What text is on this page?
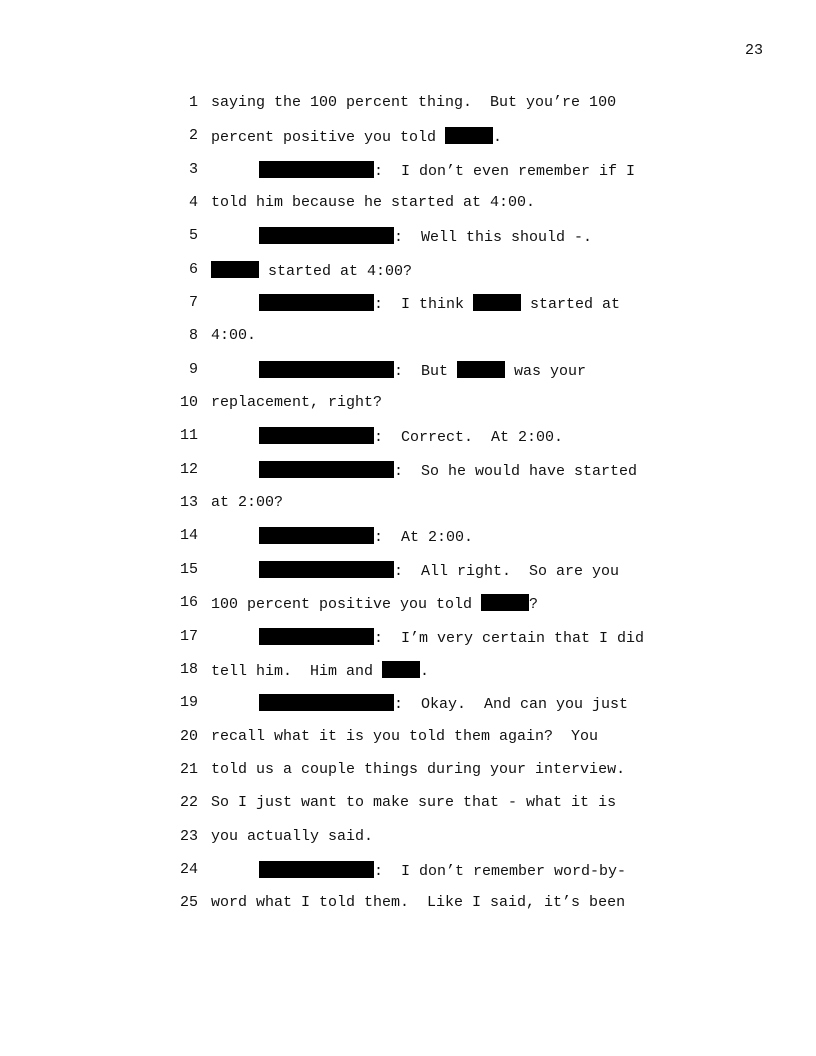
23
1 saying the 100 percent thing.  But you’re 100
2 percent positive you told	.
3	:  I don’t even remember if I
4 told him because he started at 4:00.
5	:  Well this should -.
6	started at 4:00?
7	:  I think	started at
8 4:00.
9	:  But	was your
10 replacement, right?
11	:  Correct.  At 2:00.
12	:  So he would have started
13 at 2:00?
14	:  At 2:00.
15	:  All right.  So are you
16 100 percent positive you told	?
17	:  I’m very certain that I did
18 tell him.  Him and	.
19	:  Okay.  And can you just
20 recall what it is you told them again?  You
21 told us a couple things during your interview.
22 So I just want to make sure that - what it is
23 you actually said.
24	:  I don’t remember word-by-
25 word what I told them.  Like I said, it’s been
